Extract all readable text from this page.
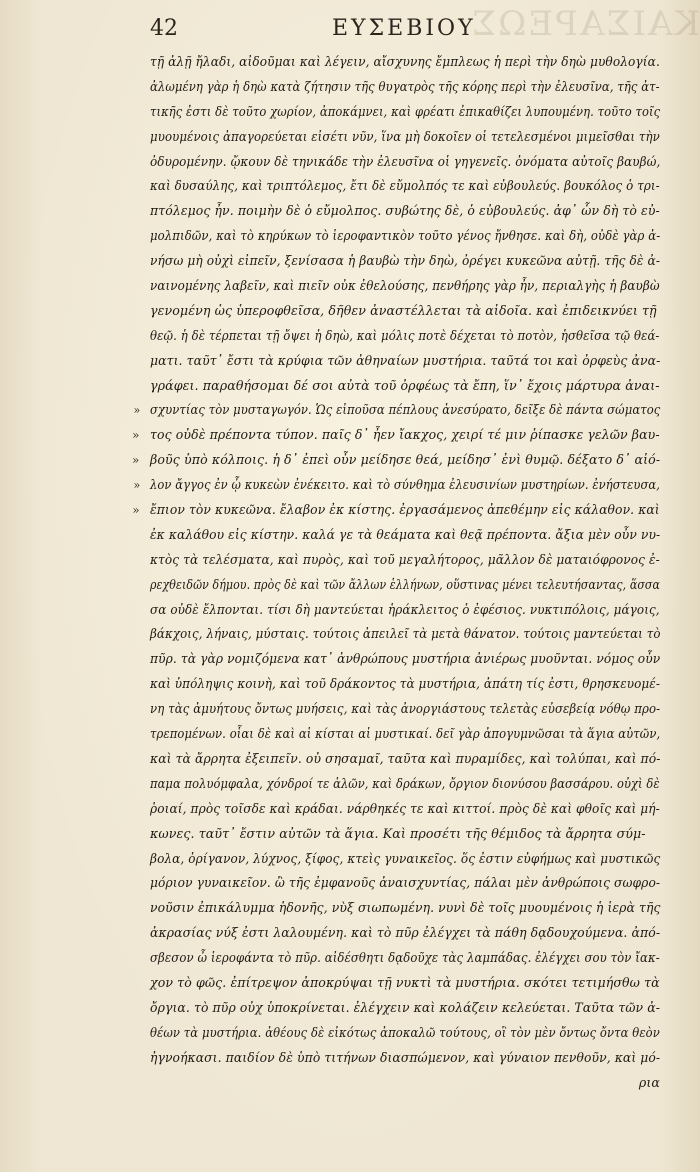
ΚΑΙΣΑΡΕΩΣ
42	ΕΥΣΕΒΙΟΥ
τῇ ἀλῇ ἤλαδι, αἰδοῦμαι καὶ λέγειν, αἴσχυνης ἔμπλεως ἡ περὶ τὴν δηὼ μυθολογία.
ἀλωμένη γὰρ ἡ δηὼ κατὰ ζήτησιν τῆς θυγατρὸς τῆς κόρης περὶ τὴν ἐλευσῖνα, τῆς ἀτ-
τικῆς ἐστι δὲ τοῦτο χωρίον, ἀποκάμνει, καὶ φρέατι ἐπικαθίζει λυπουμένη. τοῦτο τοῖς
μυουμένοις ἀπαγορεύεται εἰσέτι νῦν, ἵνα μὴ δοκοῖεν οἱ τετελεσμένοι μιμεῖσθαι τὴν
ὀδυρομένην. ᾤκουν δὲ τηνικάδε τὴν ἐλευσῖνα οἱ γηγενεῖς. ὀνόματα αὐτοῖς βαυβώ,
καὶ δυσαύλης, καὶ τριπτόλεμος, ἔτι δὲ εὔμολπός τε καὶ εὐβουλεύς. βουκόλος ὁ τρι-
πτόλεμος ἦν. ποιμὴν δὲ ὁ εὔμολπος. συβώτης δὲ, ὁ εὐβουλεύς. ἀφ᾽ ὧν δὴ τὸ εὐ-
μολπιδῶν, καὶ τὸ κηρύκων τὸ ἱεροφαντικὸν τοῦτο γένος ἤνθησε. καὶ δὴ, οὐδὲ γὰρ ἀ-
νήσω μὴ οὐχὶ εἰπεῖν, ξενίσασα ἡ βαυβὼ τὴν δηὼ, ὀρέγει κυκεῶνα αὐτῇ. τῆς δὲ ἀ-
ναινομένης λαβεῖν, καὶ πιεῖν οὐκ ἐθελούσης, πενθήρης γὰρ ἦν, περιαλγὴς ἡ βαυβὼ
γενομένη ὡς ὑπεροφθεῖσα, δῆθεν ἀναστέλλεται τὰ αἰδοῖα. καὶ ἐπιδεικνύει τῇ
θεῷ. ἡ δὲ τέρπεται τῇ ὄψει ἡ δηὼ, καὶ μόλις ποτὲ δέχεται τὸ ποτὸν, ἡσθεῖσα τῷ θεά-
ματι. ταῦτ᾽ ἔστι τὰ κρύφια τῶν ἀθηναίων μυστήρια. ταῦτά τοι καὶ ὀρφεὺς ἀνα-
γράφει. παραθήσομαι δέ σοι αὐτὰ τοῦ ὀρφέως τὰ ἔπη, ἵν᾽ ἔχοις μάρτυρα ἀναι-
» σχυντίας τὸν μυσταγωγόν. Ὡς εἰποῦσα πέπλους ἀνεσύρατο, δεῖξε δὲ πάντα σώματος
» τος οὐδὲ πρέποντα τύπον. παῖς δ᾽ ἦεν ἴακχος, χειρί τέ μιν ῥίπασκε γελῶν βαυ-
» βοῦς ὑπὸ κόλποις. ἡ δ᾽ ἐπεὶ οὖν μείδησε θεά, μείδησ᾽ ἐνὶ θυμῷ. δέξατο δ᾽ αἰό-
» λον ἄγγος ἐν ᾧ κυκεὼν ἐνέκειτο. καὶ τὸ σύνθημα ἐλευσινίων μυστηρίων. ἐνήστευσα,
» ἔπιον τὸν κυκεῶνα. ἔλαβον ἐκ κίστης. ἐργασάμενος ἀπεθέμην εἰς κάλαθον. καὶ
ἐκ καλάθου εἰς κίστην. καλά γε τὰ θεάματα καὶ θεᾷ πρέποντα. ἄξια μὲν οὖν νυ-
κτὸς τὰ τελέσματα, καὶ πυρὸς, καὶ τοῦ μεγαλήτορος, μᾶλλον δὲ ματαιόφρονος ἐ-
ρεχθειδῶν δήμου. πρὸς δὲ καὶ τῶν ἄλλων ἑλλήνων, οὕστινας μένει τελευτήσαντας, ἅσσα
σα οὐδὲ ἔλπονται. τίσι δὴ μαντεύεται ἡράκλειτος ὁ ἐφέσιος. νυκτιπόλοις, μάγοις,
βάκχοις, λήναις, μύσταις. τούτοις ἀπειλεῖ τὰ μετὰ θάνατον. τούτοις μαντεύεται τὸ
πῦρ. τὰ γὰρ νομιζόμενα κατ᾽ ἀνθρώπους μυστήρια ἀνιέρως μυοῦνται. νόμος οὖν
καὶ ὑπόληψις κοινὴ, καὶ τοῦ δράκοντος τὰ μυστήρια, ἀπάτη τίς ἐστι, θρησκευομέ-
νη τὰς ἀμυήτους ὄντως μυήσεις, καὶ τὰς ἀνοργιάστους τελετὰς εὐσεβείᾳ νόθῳ προ-
τρεπομένων. οἷαι δὲ καὶ αἱ κίσται αἱ μυστικαί. δεῖ γὰρ ἀπογυμνῶσαι τὰ ἅγια αὐτῶν,
καὶ τὰ ἄρρητα ἐξειπεῖν. οὐ σησαμαῖ, ταῦτα καὶ πυραμίδες, καὶ τολύπαι, καὶ πό-
παμα πολυόμφαλα, χόνδροί τε ἁλῶν, καὶ δράκων, ὄργιον διονύσου βασσάρου. οὐχὶ δὲ
ῥοιαί, πρὸς τοῖσδε καὶ κράδαι. νάρθηκές τε καὶ κιττοί. πρὸς δὲ καὶ φθοῖς καὶ μή-
κωνες. ταῦτ᾽ ἔστιν αὐτῶν τὰ ἅγια. Καὶ προσέτι τῆς θέμιδος τὰ ἄρρητα σύμ-
βολα, ὀρίγανον, λύχνος, ξίφος, κτεὶς γυναικεῖος. ὅς ἐστιν εὐφήμως καὶ μυστικῶς
μόριον γυναικεῖον. ὢ τῆς ἐμφανοῦς ἀναισχυντίας, πάλαι μὲν ἀνθρώποις σωφρο-
νοῦσιν ἐπικάλυμμα ἡδονῆς, νὺξ σιωπωμένη. νυνὶ δὲ τοῖς μυουμένοις ἡ ἱερὰ τῆς
ἀκρασίας νύξ ἐστι λαλουμένη. καὶ τὸ πῦρ ἐλέγχει τὰ πάθη δᾳδουχούμενα. ἀπό-
σβεσον ὦ ἱεροφάντα τὸ πῦρ. αἰδέσθητι δᾳδοῦχε τὰς λαμπάδας. ἐλέγχει σου τὸν ἴακ-
χον τὸ φῶς. ἐπίτρεψον ἀποκρύψαι τῇ νυκτὶ τὰ μυστήρια. σκότει τετιμήσθω τὰ
ὄργια. τὸ πῦρ οὐχ ὑποκρίνεται. ἐλέγχειν καὶ κολάζειν κελεύεται. Ταῦτα τῶν ἀ-
θέων τὰ μυστήρια. ἀθέους δὲ εἰκότως ἀποκαλῶ τούτους, οἳ τὸν μὲν ὄντως ὄντα θεὸν
ἠγνοήκασι. παιδίον δὲ ὑπὸ τιτήνων διασπώμενον, καὶ γύναιον πενθοῦν, καὶ μό-
ρια
